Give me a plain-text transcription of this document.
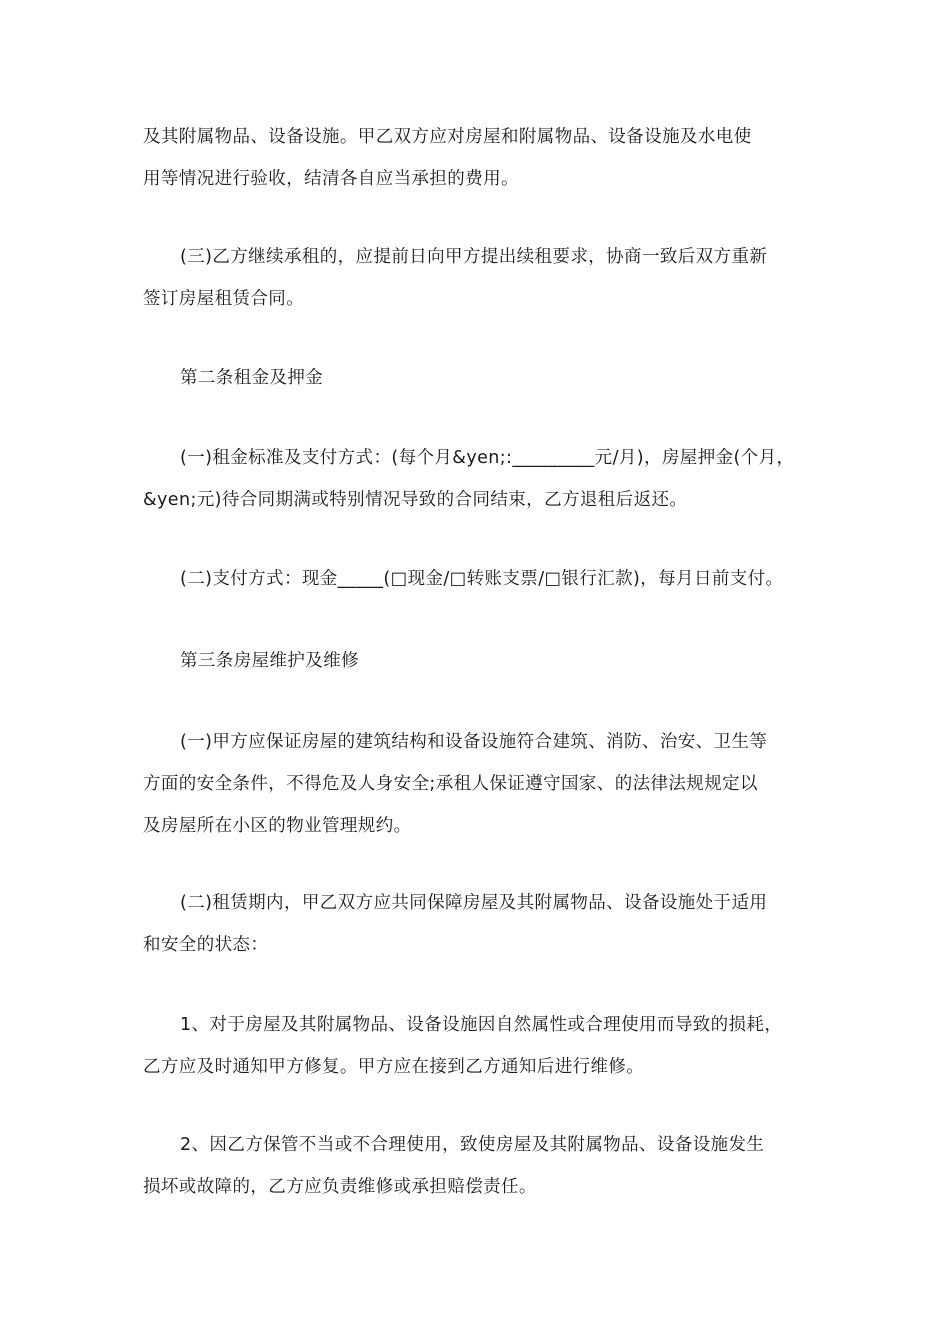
及其附属物品、设备设施。甲乙双方应对房屋和附属物品、设备设施及水电使
用等情况进行验收，结清各自应当承担的费用。
(三)乙方继续承租的，应提前日向甲方提出续租要求，协商一致后双方重新
签订房屋租赁合同。
第二条租金及押金
(一)租金标准及支付方式：(每个月&yen;:_________元/月)，房屋押金(个月，
&yen;元)待合同期满或特别情况导致的合同结束，乙方退租后返还。
(二)支付方式：现金_____(□现金/□转账支票/□银行汇款)，每月日前支付。
第三条房屋维护及维修
(一)甲方应保证房屋的建筑结构和设备设施符合建筑、消防、治安、卫生等
方面的安全条件，不得危及人身安全;承租人保证遵守国家、的法律法规规定以
及房屋所在小区的物业管理规约。
(二)租赁期内，甲乙双方应共同保障房屋及其附属物品、设备设施处于适用
和安全的状态：
1、对于房屋及其附属物品、设备设施因自然属性或合理使用而导致的损耗，
乙方应及时通知甲方修复。甲方应在接到乙方通知后进行维修。
2、因乙方保管不当或不合理使用，致使房屋及其附属物品、设备设施发生
损坏或故障的，乙方应负责维修或承担赔偿责任。
